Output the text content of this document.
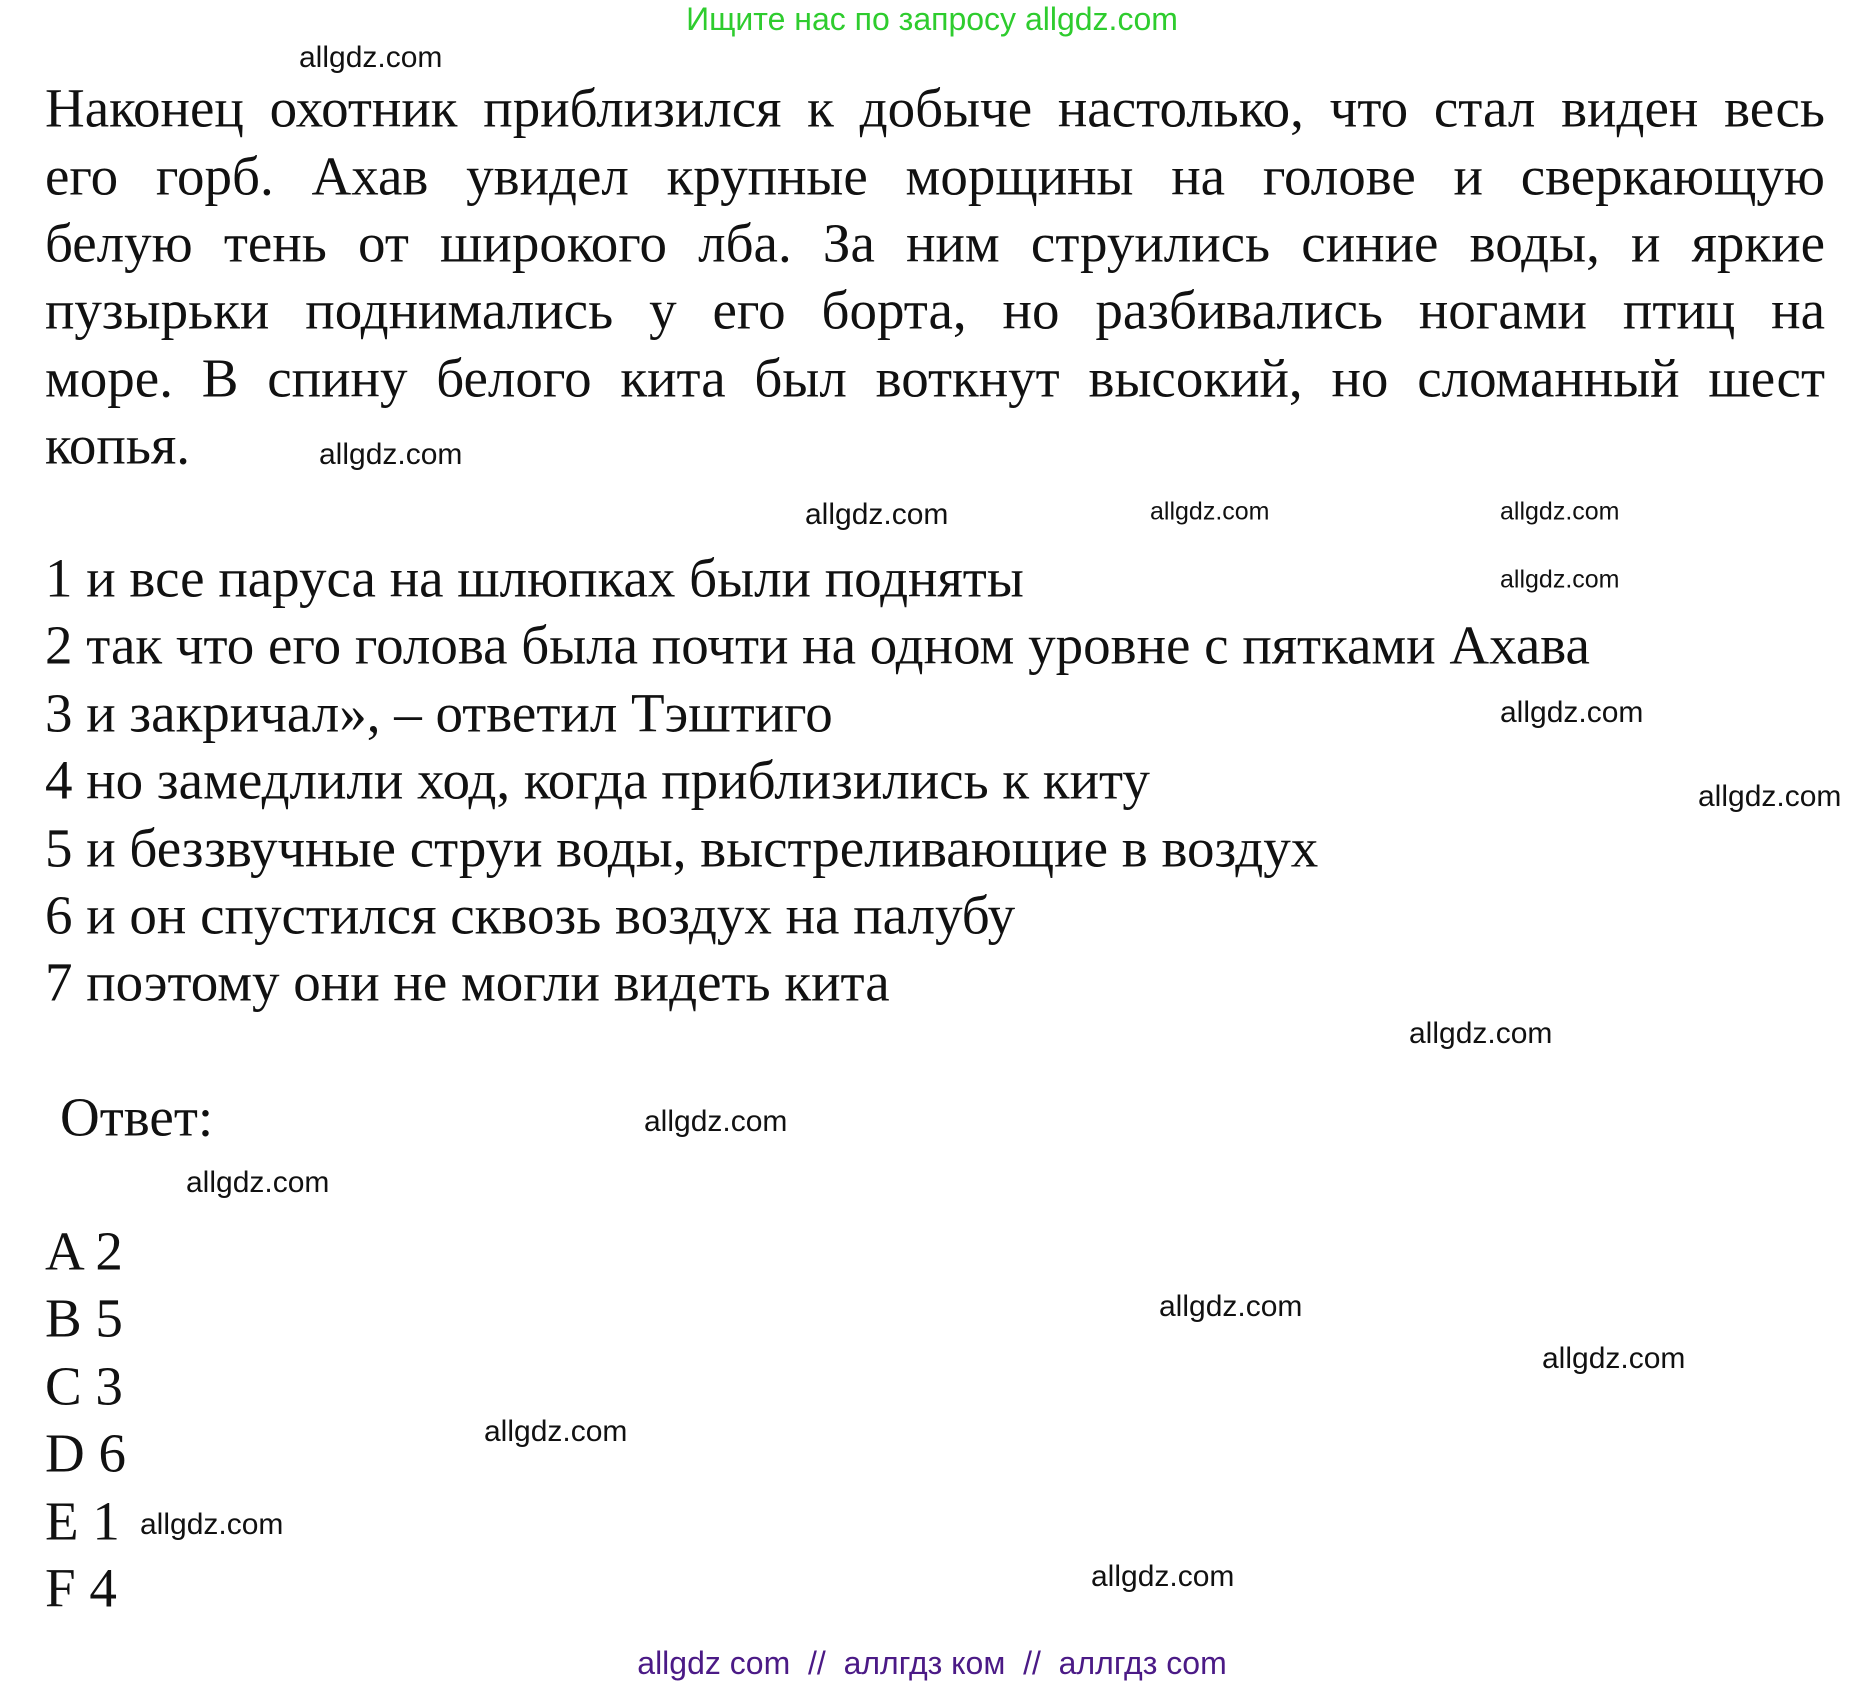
Ищите нас по запросу allgdz.com
Наконец охотник приблизился к добыче настолько, что стал виден весь
его горб. Ахав увидел крупные морщины на голове и сверкающую
белую тень от широкого лба. За ним струились синие воды, и яркие
пузырьки поднимались у его борта, но разбивались ногами птиц на
море. В спину белого кита был воткнут высокий, но сломанный шест
копья.
1 и все паруса на шлюпках были подняты
2 так что его голова была почти на одном уровне с пятками Ахава
3 и закричал», – ответил Тэштиго
4 но замедлили ход, когда приблизились к киту
5 и беззвучные струи воды, выстреливающие в воздух
6 и он спустился сквозь воздух на палубу
7 поэтому они не могли видеть кита
Ответ:
A 2
B 5
C 3
D 6
E 1
F 4
allgdz.com
allgdz.com
allgdz.com
allgdz.com
allgdz.com
allgdz.com
allgdz.com
allgdz.com
allgdz.com
allgdz.com
allgdz.com
allgdz.com
allgdz.com
allgdz.com
allgdz.com
allgdz.com
allgdz com  //  аллгдз ком  //  аллгдз com
